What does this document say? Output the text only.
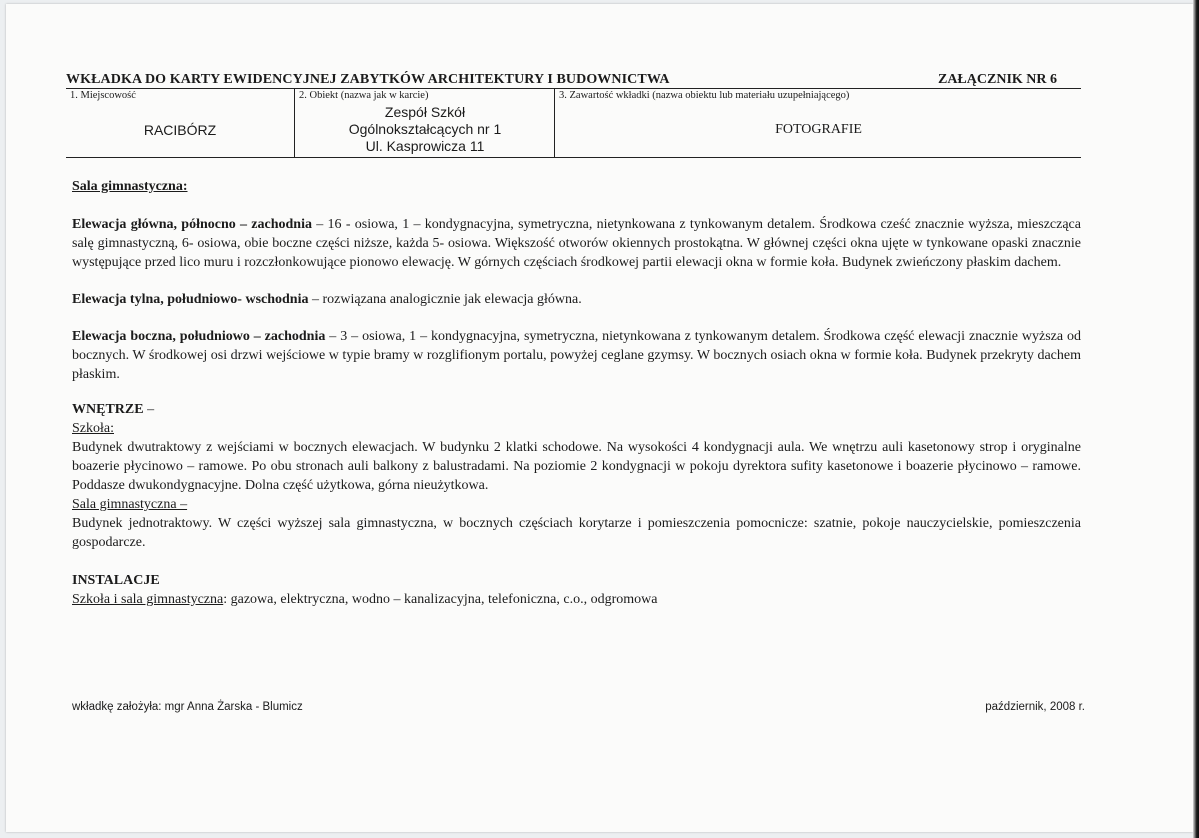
WKŁADKA DO KARTY EWIDENCYJNEJ ZABYTKÓW ARCHITEKTURY I BUDOWNICTWA	ZAŁĄCZNIK NR 6
1. Miejscowość
RACIBÓRZ
2. Obiekt (nazwa jak w karcie)
Zespół Szkół
Ogólnokształcących nr 1
Ul. Kasprowicza 11
3. Zawartość wkładki (nazwa obiektu lub materiału uzupełniającego)
FOTOGRAFIE

Sala gimnastyczna:

Elewacja główna, północno – zachodnia – 16 - osiowa, 1 – kondygnacyjna, symetryczna, nietynkowana z tynkowanym detalem. Środkowa cześć znacznie wyższa, mieszcząca salę gimnastyczną, 6- osiowa, obie boczne części niższe, każda 5- osiowa. Większość otworów okiennych prostokątna. W głównej części okna ujęte w tynkowane opaski znacznie występujące przed lico muru i rozczłonkowujące pionowo elewację. W górnych częściach środkowej partii elewacji okna w formie koła. Budynek zwieńczony płaskim dachem.

Elewacja tylna, południowo- wschodnia – rozwiązana analogicznie jak elewacja główna.

Elewacja boczna, południowo – zachodnia – 3 – osiowa, 1 – kondygnacyjna, symetryczna, nietynkowana z tynkowanym detalem. Środkowa część elewacji znacznie wyższa od bocznych. W środkowej osi drzwi wejściowe w typie bramy w rozglifionym portalu, powyżej ceglane gzymsy. W bocznych osiach okna w formie koła. Budynek przekryty dachem płaskim.

WNĘTRZE –

Szkoła:

Budynek dwutraktowy z wejściami w bocznych elewacjach. W budynku 2 klatki schodowe. Na wysokości 4 kondygnacji aula. We wnętrzu auli kasetonowy strop i oryginalne boazerie płycinowo – ramowe. Po obu stronach auli balkony z balustradami. Na poziomie 2 kondygnacji w pokoju dyrektora sufity kasetonowe i boazerie płycinowo – ramowe. Poddasze dwukondygnacyjne. Dolna część użytkowa, górna nieużytkowa.

Sala gimnastyczna –

Budynek jednotraktowy. W części wyższej sala gimnastyczna, w bocznych częściach korytarze i pomieszczenia pomocnicze: szatnie, pokoje nauczycielskie, pomieszczenia gospodarcze.

INSTALACJE

Szkoła i sala gimnastyczna: gazowa, elektryczna, wodno – kanalizacyjna, telefoniczna, c.o., odgromowa

wkładkę założyła: mgr Anna Żarska - Blumicz	październik, 2008 r.
